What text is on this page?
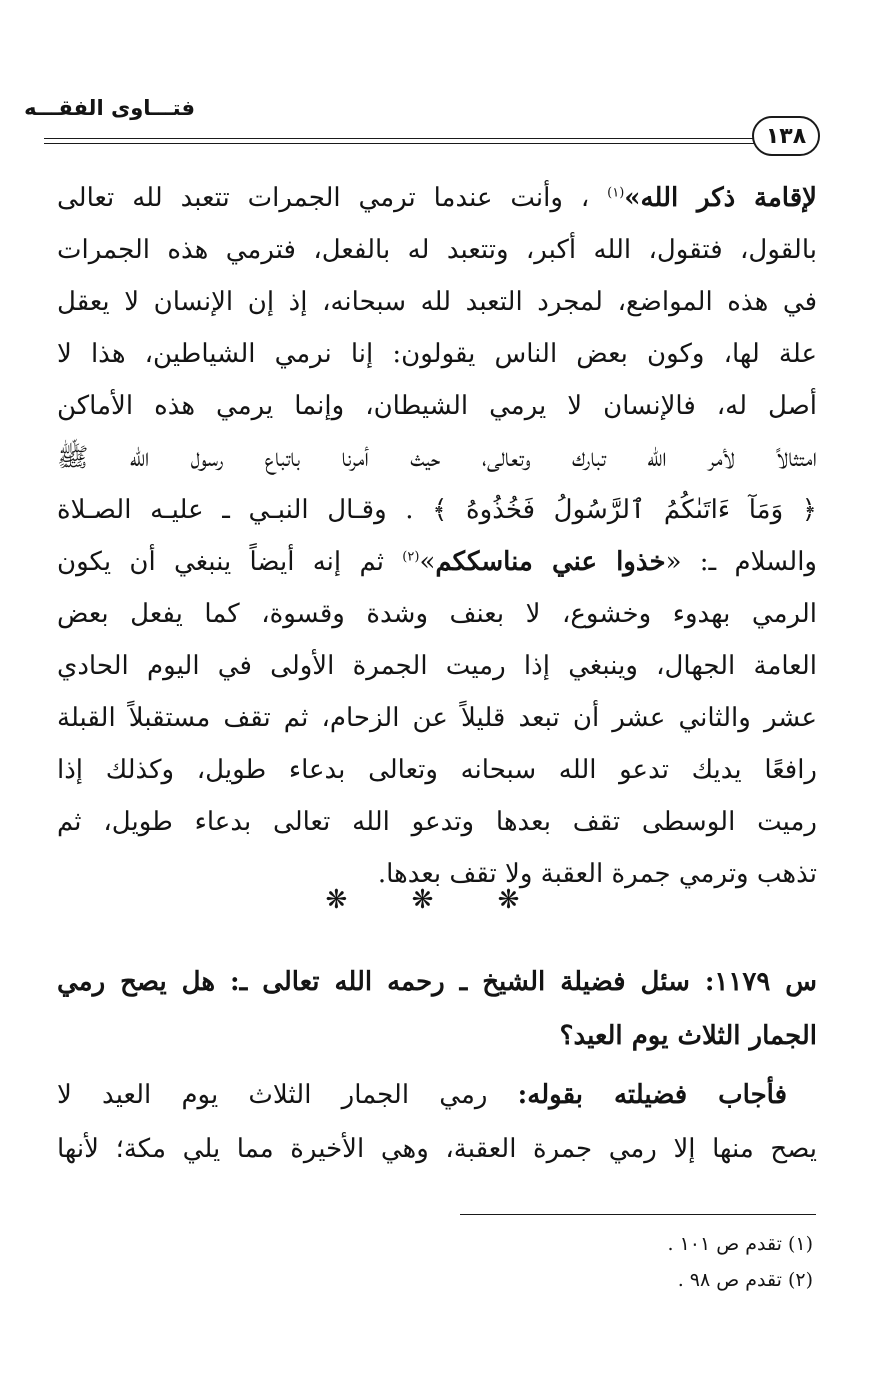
فتـــاوى الفقـــه
١٣٨
لإقامة ذكر الله»$^{(١)}$ ، وأنت عندما ترمي الجمرات تتعبد لله تعالى
بالقول، فتقول، الله أكبر، وتتعبد له بالفعل، فترمي هذه الجمرات
في هذه المواضع، لمجرد التعبد لله سبحانه، إذ إن الإنسان لا يعقل
علة لها، وكون بعض الناس يقولون: إنا نرمي الشياطين، هذا لا
أصل له، فالإنسان لا يرمي الشيطان، وإنما يرمي هذه الأماكن
امتثالاً لأمر الله تبارك وتعالى، حيث أمرنا باتباع رسول الله ﷺ
﴿ وَمَآ ءَاتَىٰكُمُ ٱلرَّسُولُ فَخُذُوهُ ﴾ . وقـال النبـي ـ عليـه الصـلاة
والسلام ـ: «خذوا عني مناسككم»$^{(٢)}$ ثم إنه أيضاً ينبغي أن يكون
الرمي بهدوء وخشوع، لا بعنف وشدة وقسوة، كما يفعل بعض
العامة الجهال، وينبغي إذا رميت الجمرة الأولى في اليوم الحادي
عشر والثاني عشر أن تبعد قليلاً عن الزحام، ثم تقف مستقبلاً القبلة
رافعًا يديك تدعو الله سبحانه وتعالى بدعاء طويل، وكذلك إذا
رميت الوسطى تقف بعدها وتدعو الله تعالى بدعاء طويل، ثم
تذهب وترمي جمرة العقبة ولا تقف بعدها.
❋ ❋ ❋
س ١١٧٩: سئل فضيلة الشيخ ـ رحمه الله تعالى ـ: هل يصح رمي
الجمار الثلاث يوم العيد؟
فأجاب فضيلته بقوله: رمي الجمار الثلاث يوم العيد لا
يصح منها إلا رمي جمرة العقبة، وهي الأخيرة مما يلي مكة؛ لأنها
(١) تقدم ص ١٠١ .
(٢) تقدم ص ٩٨ .
